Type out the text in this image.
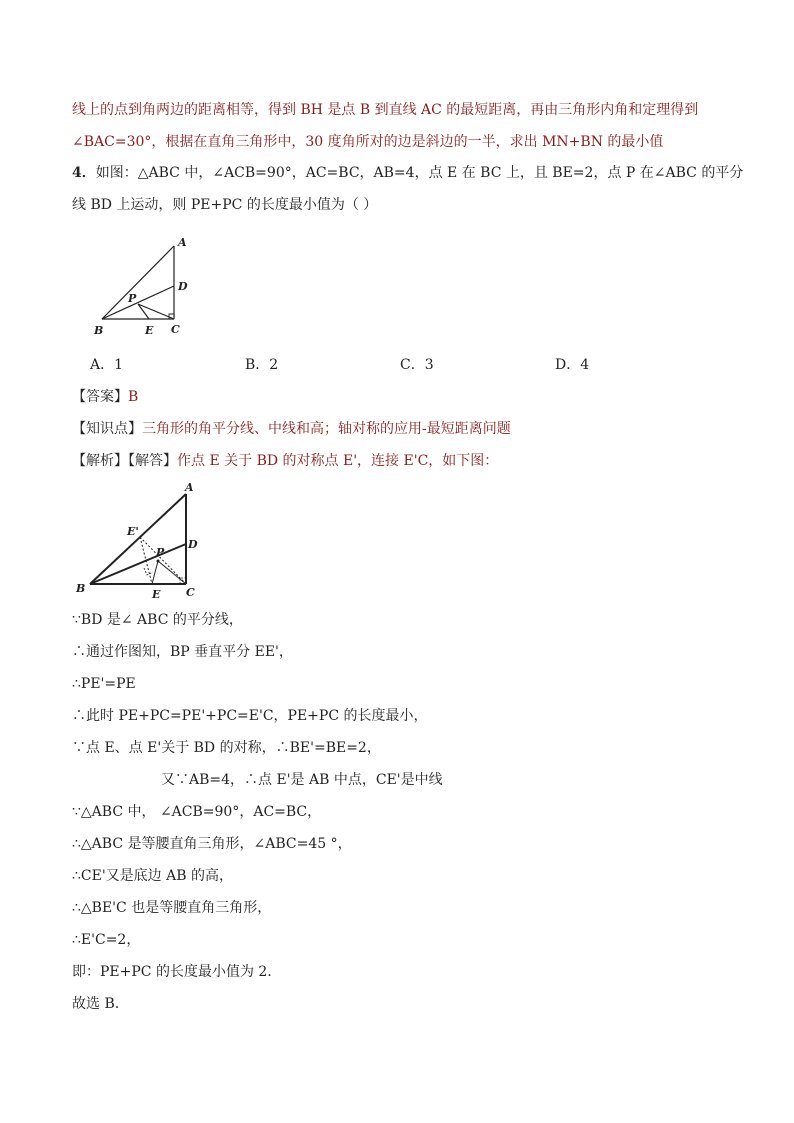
线上的点到角两边的距离相等，得到 BH 是点 B 到直线 AC 的最短距离，再由三角形内角和定理得到
∠BAC=30°，根据在直角三角形中，30 度角所对的边是斜边的一半，求出 MN+BN 的最小值
4．如图：△ABC 中，∠ACB=90°，AC=BC，AB=4，点 E 在 BC 上，且 BE=2，点 P 在∠ABC 的平分
线 BD 上运动，则 PE+PC 的长度最小值为（ ）
A
D
P
B	E C
A．1	B．2	C．3	D．4
【答案】B
【知识点】三角形的角平分线、中线和高；轴对称的应用-最短距离问题
【解析】【解答】作点 E 关于 BD 的对称点 E'，连接 E'C，如下图：
A
E'
D
P
B	E C
∵BD 是∠ ABC 的平分线，
∴通过作图知，BP 垂直平分 EE'，
∴PE'=PE
∴此时 PE+PC=PE'+PC=E'C，PE+PC 的长度最小，
∵点 E、点 E'关于 BD 的对称，∴BE'=BE=2，
又∵AB=4，∴点 E'是 AB 中点，CE'是中线
∵△ABC 中， ∠ACB=90°，AC=BC，
∴△ABC 是等腰直角三角形，∠ABC=45 °，
∴CE'又是底边 AB 的高，
∴△BE'C 也是等腰直角三角形，
∴E'C=2，
即：PE+PC 的长度最小值为 2.
故选 B.
